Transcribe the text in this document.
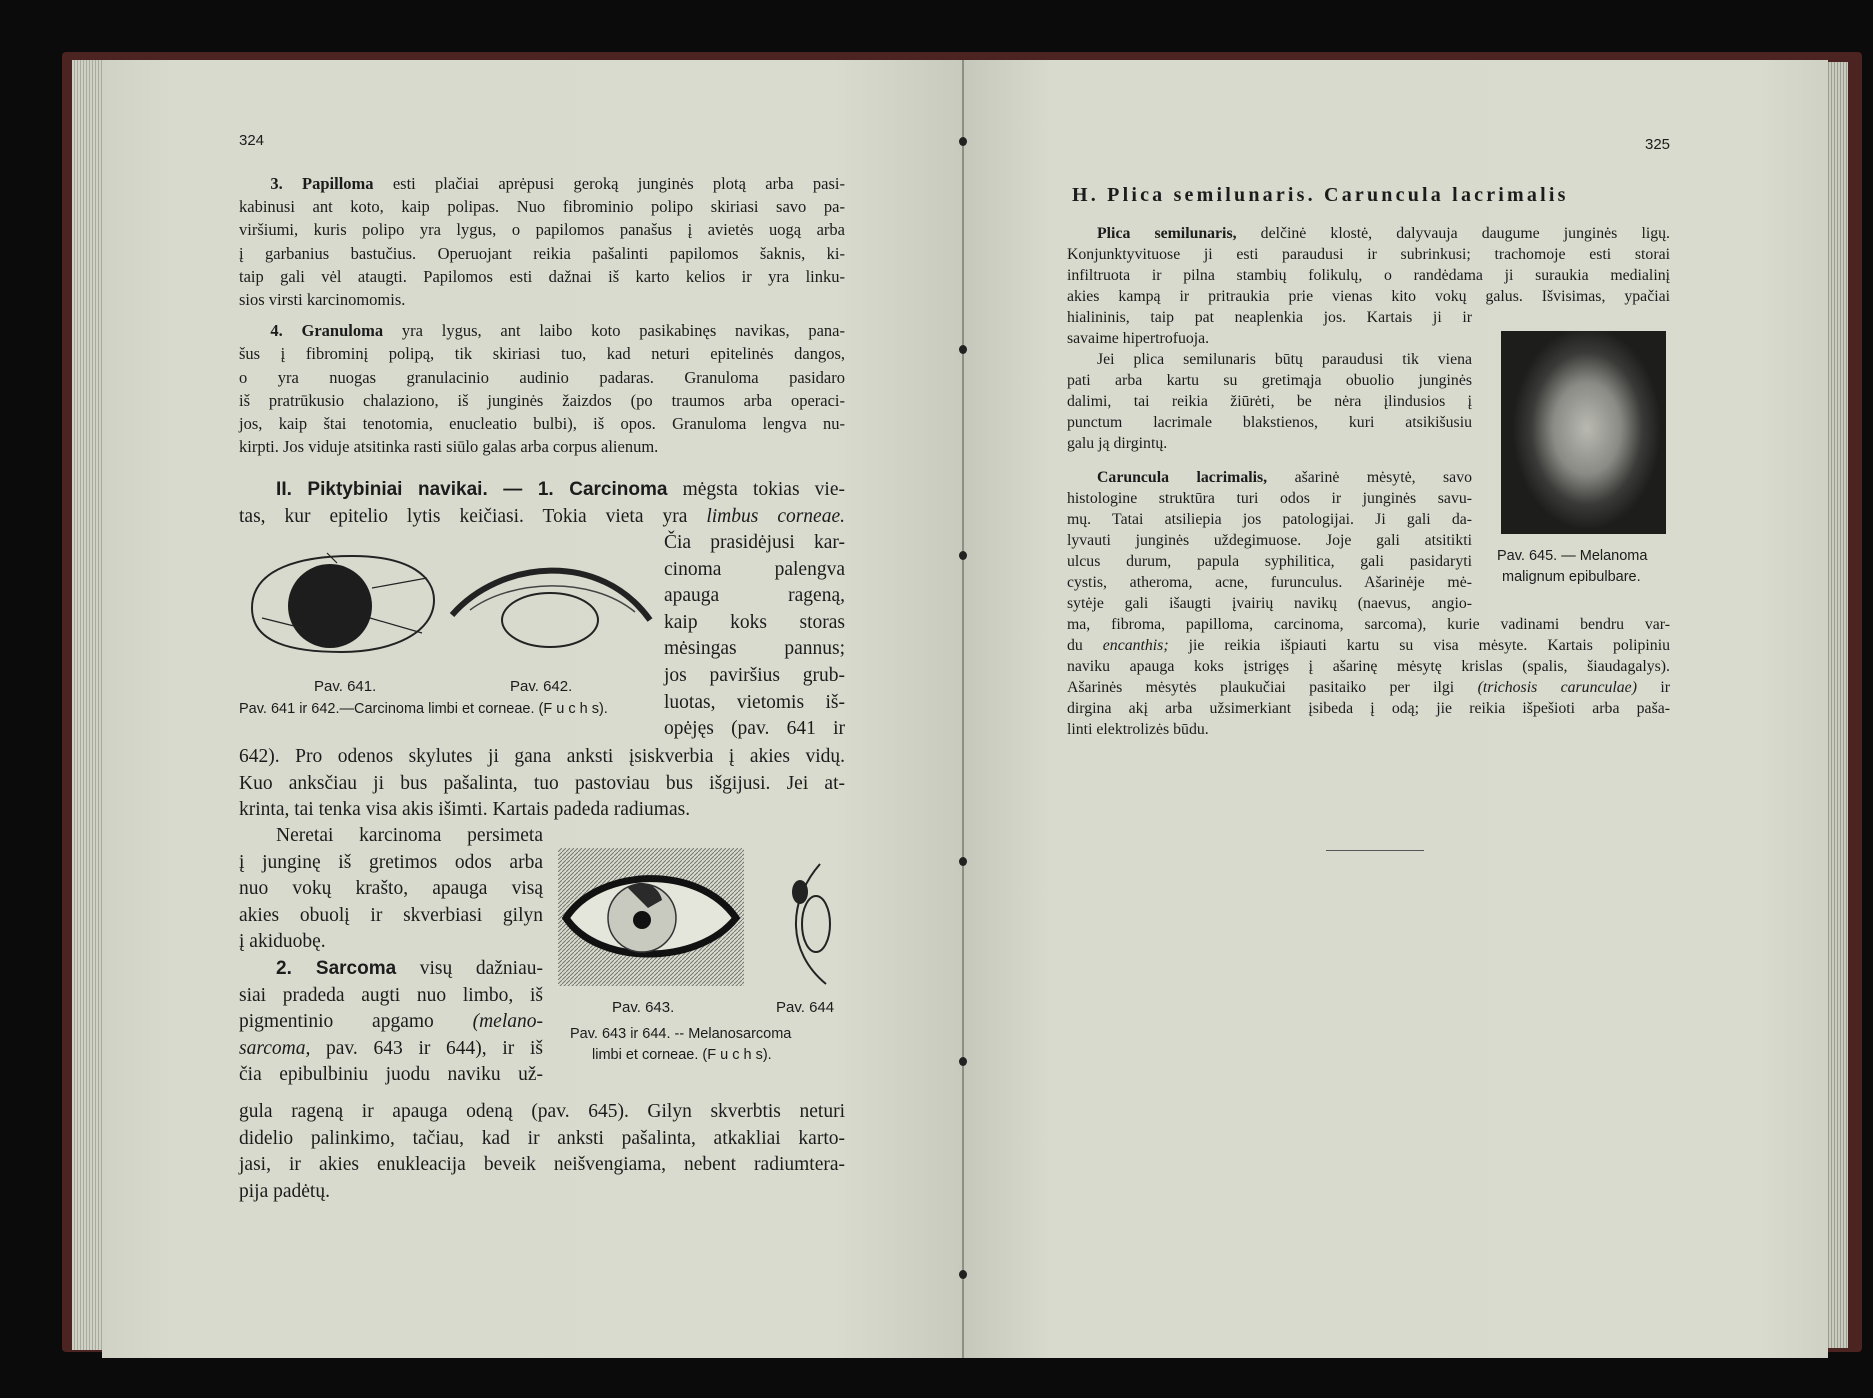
324
3. Papilloma esti plačiai aprėpusi geroką junginės plotą arba pasi-
kabinusi ant koto, kaip polipas. Nuo fibrominio polipo skiriasi savo pa-
viršiumi, kuris polipo yra lygus, o papilomos panašus į avietės uogą arba
į garbanius bastučius. Operuojant reikia pašalinti papilomos šaknis, ki-
taip gali vėl ataugti. Papilomos esti dažnai iš karto kelios ir yra linku-
sios virsti karcinomomis.
4. Granuloma yra lygus, ant laibo koto pasikabinęs navikas, pana-
šus į fibrominį polipą, tik skiriasi tuo, kad neturi epitelinės dangos,
o yra nuogas granulacinio audinio padaras. Granuloma pasidaro
iš pratrūkusio chalaziono, iš junginės žaizdos (po traumos arba operaci-
jos, kaip štai tenotomia, enucleatio bulbi), iš opos. Granuloma lengva nu-
kirpti. Jos viduje atsitinka rasti siūlo galas arba corpus alienum.
II. Piktybiniai navikai. — 1. Carcinoma mėgsta tokias vie-
tas, kur epitelio lytis keičiasi. Tokia vieta yra limbus corneae.
Čia prasidėjusi kar-
cinoma palengva
apauga rageną,
kaip koks storas
mėsingas pannus;
jos paviršius grub-
luotas, vietomis iš-
opėjęs (pav. 641 ir
642). Pro odenos skylutes ji gana anksti įsiskverbia į akies vidų.
Kuo anksčiau ji bus pašalinta, tuo pastoviau bus išgijusi. Jei at-
krinta, tai tenka visa akis išimti. Kartais padeda radiumas.
Neretai karcinoma persimeta
į junginę iš gretimos odos arba
nuo vokų krašto, apauga visą
akies obuolį ir skverbiasi gilyn
į akiduobę.
2. Sarcoma visų dažniau-
siai pradeda augti nuo limbo, iš
pigmentinio apgamo (melano-
sarcoma, pav. 643 ir 644), ir iš
čia epibulbiniu juodu naviku už-
gula rageną ir apauga odeną (pav. 645). Gilyn skverbtis neturi
didelio palinkimo, tačiau, kad ir anksti pašalinta, atkakliai karto-
jasi, ir akies enukleacija beveik neišvengiama, nebent radiumtera-
pija padėtų.
Pav. 641.	Pav. 642.
Pav. 641 ir 642.—Carcinoma limbi et corneae. (F u c h s).
Pav. 643.	Pav. 644
Pav. 643 ir 644. -- Melanosarcoma
limbi et corneae. (F u c h s).
325
H. Plica semilunaris. Caruncula lacrimalis
Plica semilunaris, delčinė klostė, dalyvauja daugume junginės ligų.
Konjunktyvituose ji esti paraudusi ir subrinkusi; trachomoje esti storai
infiltruota ir pilna stambių folikulų, o randėdama ji suraukia medialinį
akies kampą ir pritraukia prie vienas kito vokų galus. Išvisimas, ypačiai
hialininis, taip pat neaplenkia jos. Kartais ji ir
savaime hipertrofuoja.
Jei plica semilunaris būtų paraudusi tik viena
pati arba kartu su gretimąja obuolio junginės
dalimi, tai reikia žiūrėti, be nėra įlindusios į
punctum lacrimale blakstienos, kuri atsikišusiu
galu ją dirgintų.
Caruncula lacrimalis, ašarinė mėsytė, savo
histologine struktūra turi odos ir junginės savu-
mų. Tatai atsiliepia jos patologijai. Ji gali da-
lyvauti junginės uždegimuose. Joje gali atsitikti
ulcus durum, papula syphilitica, gali pasidaryti
cystis, atheroma, acne, furunculus. Ašarinėje mė-
sytėje gali išaugti įvairių navikų (naevus, angio-
ma, fibroma, papilloma, carcinoma, sarcoma), kurie vadinami bendru var-
du encanthis; jie reikia išpiauti kartu su visa mėsyte. Kartais polipiniu
naviku apauga koks įstrigęs į ašarinę mėsytę krislas (spalis, šiaudagalys).
Ašarinės mėsytės plaukučiai pasitaiko per ilgi (trichosis carunculae) ir
dirgina akį arba užsimerkiant įsibeda į odą; jie reikia išpešioti arba paša-
linti elektrolizės būdu.
Pav. 645. — Melanoma
malignum epibulbare.
